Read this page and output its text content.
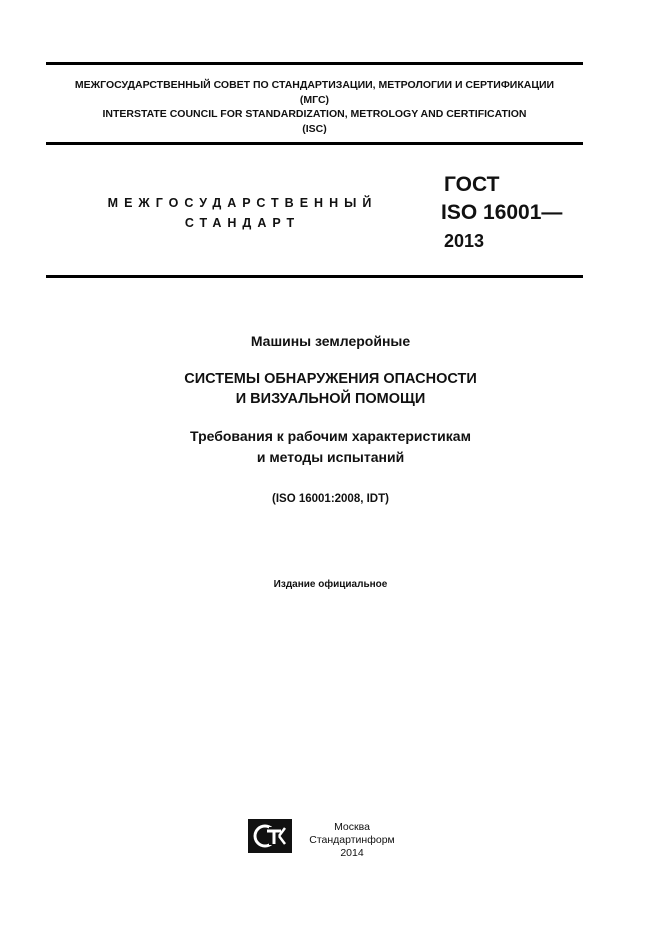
МЕЖГОСУДАРСТВЕННЫЙ СОВЕТ ПО СТАНДАРТИЗАЦИИ, МЕТРОЛОГИИ И СЕРТИФИКАЦИИ
(МГС)
INTERSTATE COUNCIL FOR STANDARDIZATION, METROLOGY AND CERTIFICATION
(ISC)
МЕЖГОСУДАРСТВЕННЫЙ
СТАНДАРТ
ГОСТ
ISO 16001—
2013
Машины землеройные
СИСТЕМЫ ОБНАРУЖЕНИЯ ОПАСНОСТИ
И ВИЗУАЛЬНОЙ ПОМОЩИ
Требования к рабочим характеристикам
и методы испытаний
(ISO 16001:2008, IDT)
Издание официальное
Москва
Стандартинформ
2014
